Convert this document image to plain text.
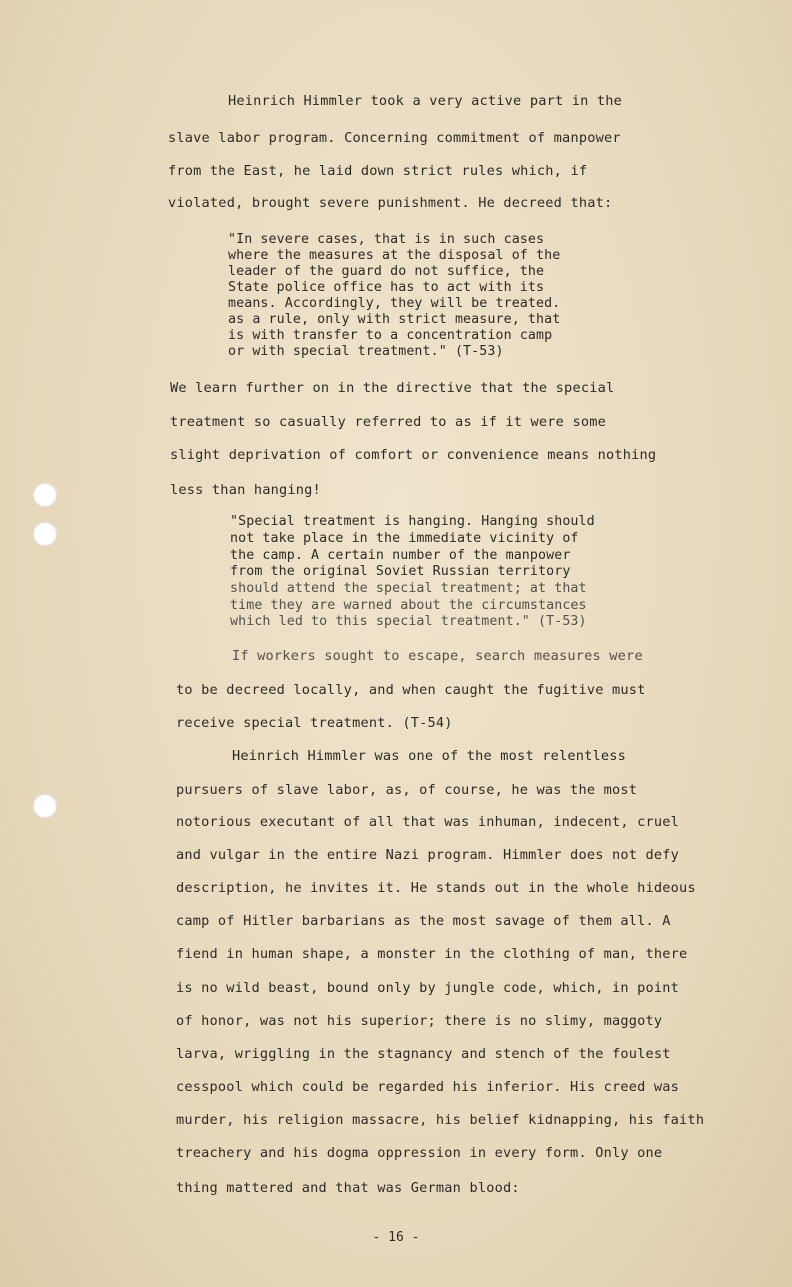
Heinrich Himmler took a very active part in the
slave labor program. Concerning commitment of manpower
from the East, he laid down strict rules which, if
violated, brought severe punishment. He decreed that:
"In severe cases, that is in such cases
where the measures at the disposal of the
leader of the guard do not suffice, the
State police office has to act with its
means. Accordingly, they will be treated.
as a rule, only with strict measure, that
is with transfer to a concentration camp
or with special treatment." (T-53)
We learn further on in the directive that the special
treatment so casually referred to as if it were some
slight deprivation of comfort or convenience means nothing
less than hanging!
"Special treatment is hanging. Hanging should
not take place in the immediate vicinity of
the camp. A certain number of the manpower
from the original Soviet Russian territory
should attend the special treatment; at that
time they are warned about the circumstances
which led to this special treatment." (T-53)
If workers sought to escape, search measures were
to be decreed locally, and when caught the fugitive must
receive special treatment. (T-54)
Heinrich Himmler was one of the most relentless
pursuers of slave labor, as, of course, he was the most
notorious executant of all that was inhuman, indecent, cruel
and vulgar in the entire Nazi program. Himmler does not defy
description, he invites it. He stands out in the whole hideous
camp of Hitler barbarians as the most savage of them all. A
fiend in human shape, a monster in the clothing of man, there
is no wild beast, bound only by jungle code, which, in point
of honor, was not his superior; there is no slimy, maggoty
larva, wriggling in the stagnancy and stench of the foulest
cesspool which could be regarded his inferior. His creed was
murder, his religion massacre, his belief kidnapping, his faith
treachery and his dogma oppression in every form. Only one
thing mattered and that was German blood:
- 16 -
